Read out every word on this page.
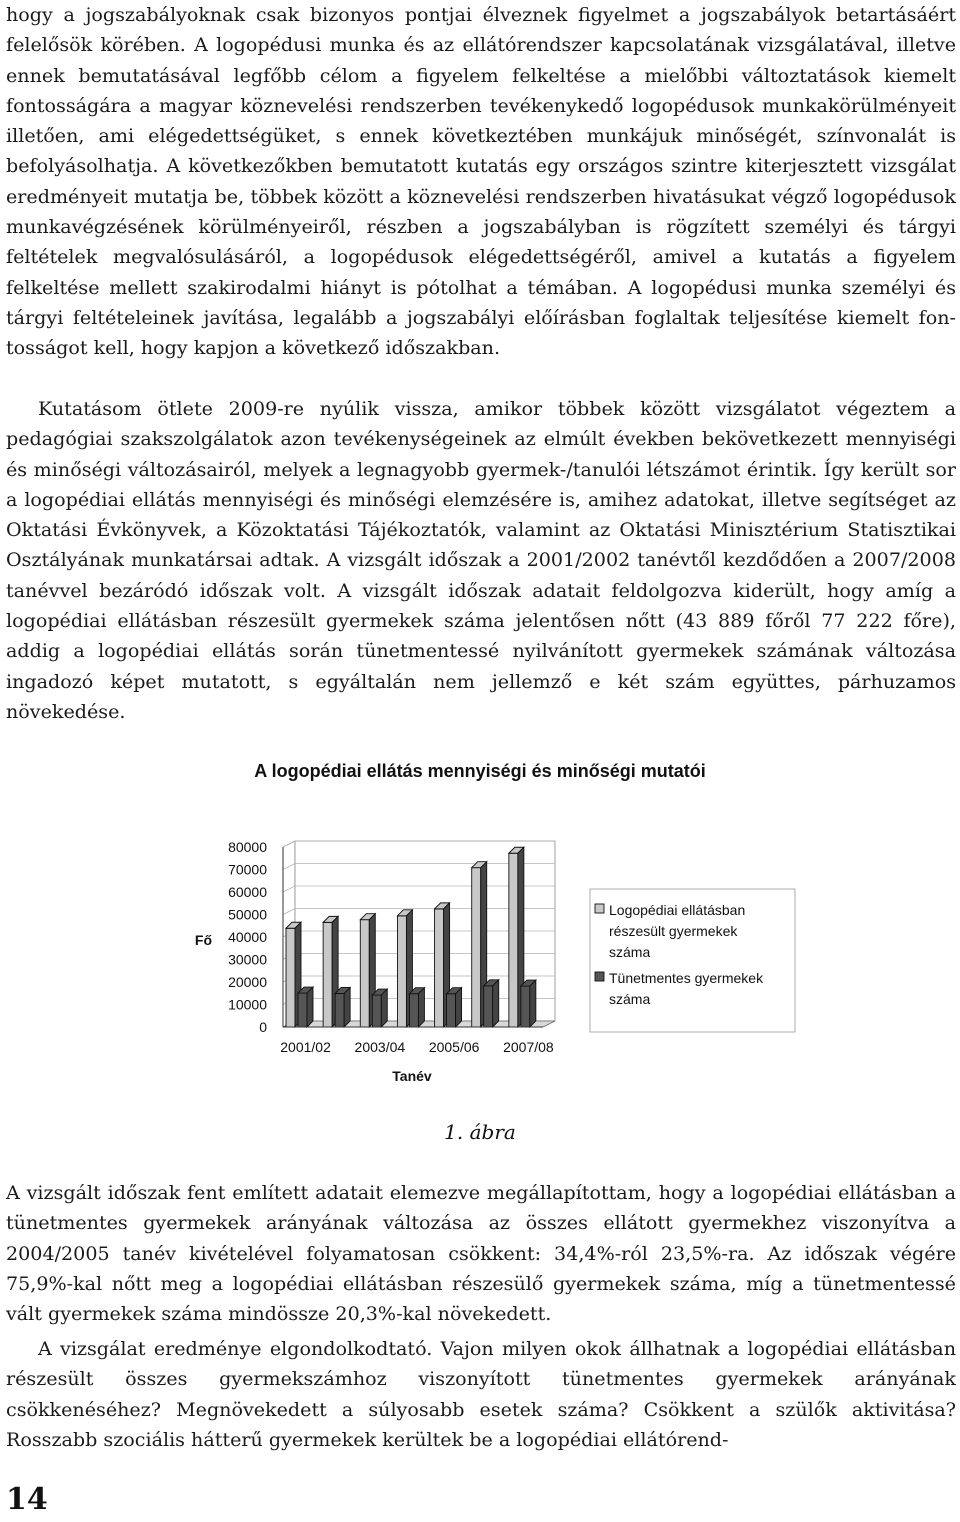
hogy a jogszabályoknak csak bizonyos pontjai élveznek figyelmet a jogszabályok betartásáért felelősök körében. A logopédusi munka és az ellátórendszer kapcsolatának vizsgálatával, illetve ennek bemutatásával legfőbb célom a figyelem felkeltése a mielőbbi változtatások kiemelt fontosságára a magyar köznevelési rendszerben tevékenykedő logopédusok munkakörülményeit illetően, ami elégedettségüket, s ennek következtében munkájuk minőségét, színvonalát is befolyásolhatja. A következőkben bemutatott kutatás egy országos szintre kiterjesztett vizsgálat eredményeit mutatja be, többek között a köznevelési rendszerben hivatásukat végző logopédusok munkavégzésének körülményeiről, részben a jogszabályban is rögzített személyi és tárgyi feltételek megvalósulásáról, a logopédusok elégedettségéről, amivel a kutatás a figyelem felkeltése mellett szakirodalmi hiányt is pótolhat a témában. A logopédusi munka személyi és tárgyi feltételeinek javítása, legalább a jogszabályi előírásban foglaltak teljesítése kiemelt fontosságot kell, hogy kapjon a következő időszakban.

Kutatásom ötlete 2009-re nyúlik vissza, amikor többek között vizsgálatot végeztem a pedagógiai szakszolgálatok azon tevékenységeinek az elmúlt években bekövetkezett mennyiségi és minőségi változásairól, melyek a legnagyobb gyermek-/tanulói létszámot érintik. Így került sor a logopédiai ellátás mennyiségi és minőségi elemzésére is, amihez adatokat, illetve segítséget az Oktatási Évkönyvek, a Közoktatási Tájékoztatók, valamint az Oktatási Minisztérium Statisztikai Osztályának munkatársai adtak. A vizsgált időszak a 2001/2002 tanévtől kezdődően a 2007/2008 tanévvel bezáródó időszak volt. A vizsgált időszak adatait feldolgozva kiderült, hogy amíg a logopédiai ellátásban részesült gyermekek száma jelentősen nőtt (43 889 főről 77 222 főre), addig a logopédiai ellátás során tünetmentessé nyilvánított gyermekek számának változása ingadozó képet mutatott, s egyáltalán nem jellemző e két szám együttes, párhuzamos növekedése.

A vizsgált időszak fent említett adatait elemezve megállapítottam, hogy a logopédiai ellátásban a tünetmentes gyermekek arányának változása az összes ellátott gyermekhez viszonyítva a 2004/2005 tanév kivételével folyamatosan csökkent: 34,4%-ról 23,5%-ra. Az időszak végére 75,9%-kal nőtt meg a logopédiai ellátásban részesülő gyermekek száma, míg a tünetmentessé vált gyermekek száma mindössze 20,3%-kal növekedett.

A vizsgálat eredménye elgondolkodtató. Vajon milyen okok állhatnak a logopédiai ellátásban részesült összes gyermekszámhoz viszonyított tünetmentes gyermekek arányának csökkenéséhez? Megnövekedett a súlyosabb esetek száma? Csökkent a szülők aktivitása? Rosszabb szociális hátterű gyermekek kerültek be a logopédiai ellátórend-

A logopédiai ellátás mennyiségi és minőségi mutatói
0
10000
20000
30000
40000
50000
60000
70000
80000
2001/02 2003/04 2005/06 2007/08
Fő
Tanév
Logopédiai ellátásban részesült gyermekek száma
Tünetmentes gyermekek száma
1. ábra
14
